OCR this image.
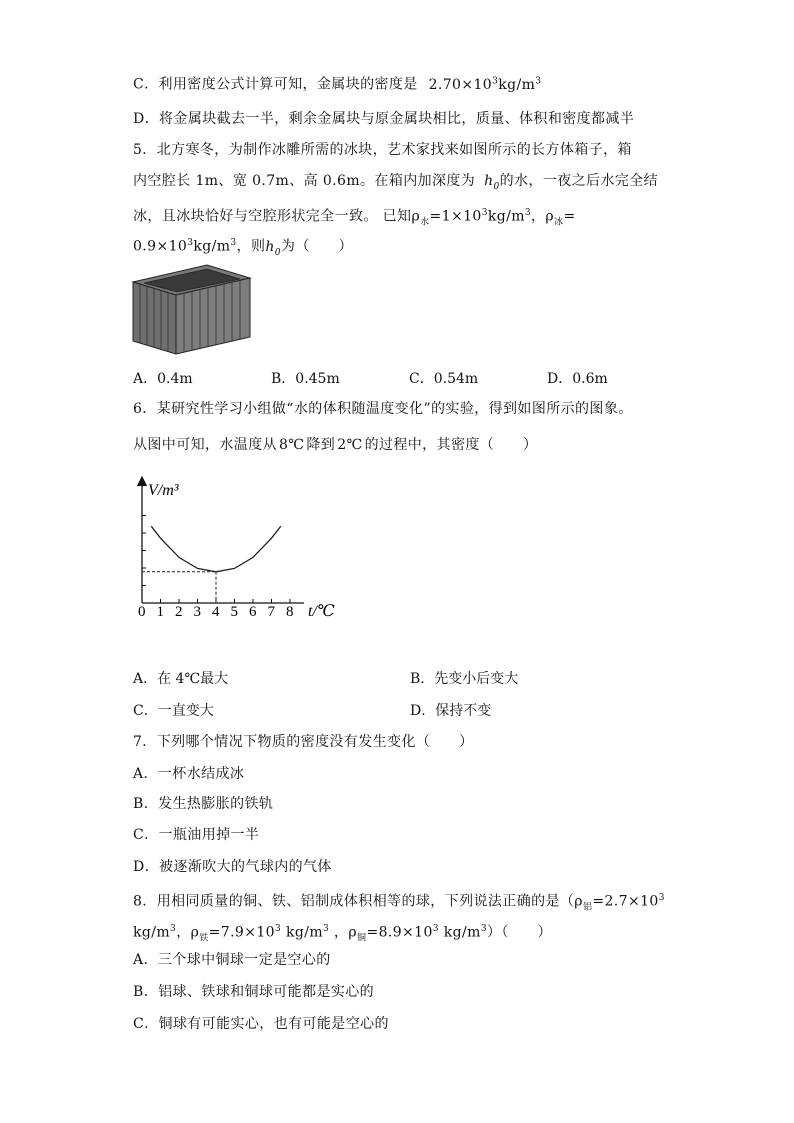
C．利用密度公式计算可知，金属块的密度是 $2.70\times 10^3kg/m^3$
D．将金属块截去一半，剩余金属块与原金属块相比，质量、体积和密度都减半
5．北方寒冬，为制作冰雕所需的冰块，艺术家找来如图所示的长方体箱子，箱
内空腔长 1m、宽 0.7m、高 0.6m。在箱内加深度为 $h_0$的水，一夜之后水完全结
冰，且冰块恰好与空腔形状完全一致。 已知$\rho_水=1\times 10^3kg/m^3$，$\rho_冰=$
$0.9\times 10^3kg/m^3$，则$h_0$为（　　）
A．0.4m	B．0.45m	C．0.54m	D．0.6m
6．某研究性学习小组做“水的体积随温度变化”的实验，得到如图所示的图象。
从图中可知，水温度从 8℃ 降到 2℃ 的过程中，其密度（　　）
V/m³
t/℃
0 1 2 3 4 5 6 7 8
A．在 4℃最大	B．先变小后变大
C．一直变大	D．保持不变
7．下列哪个情况下物质的密度没有发生变化（　　）
A．一杯水结成冰
B．发生热膨胀的铁轨
C．一瓶油用掉一半
D．被逐渐吹大的气球内的气体
8．用相同质量的铜、铁、铝制成体积相等的球，下列说法正确的是（$\rho_铝=2.7\times 10^3$
$kg/m^3$，$\rho_铁=7.9\times 10^3$ $kg/m^3$ ，$\rho_铜=8.9\times 10^3$ $kg/m^3$）（　　）
A．三个球中铜球一定是空心的
B．铝球、铁球和铜球可能都是实心的
C．铜球有可能实心，也有可能是空心的
